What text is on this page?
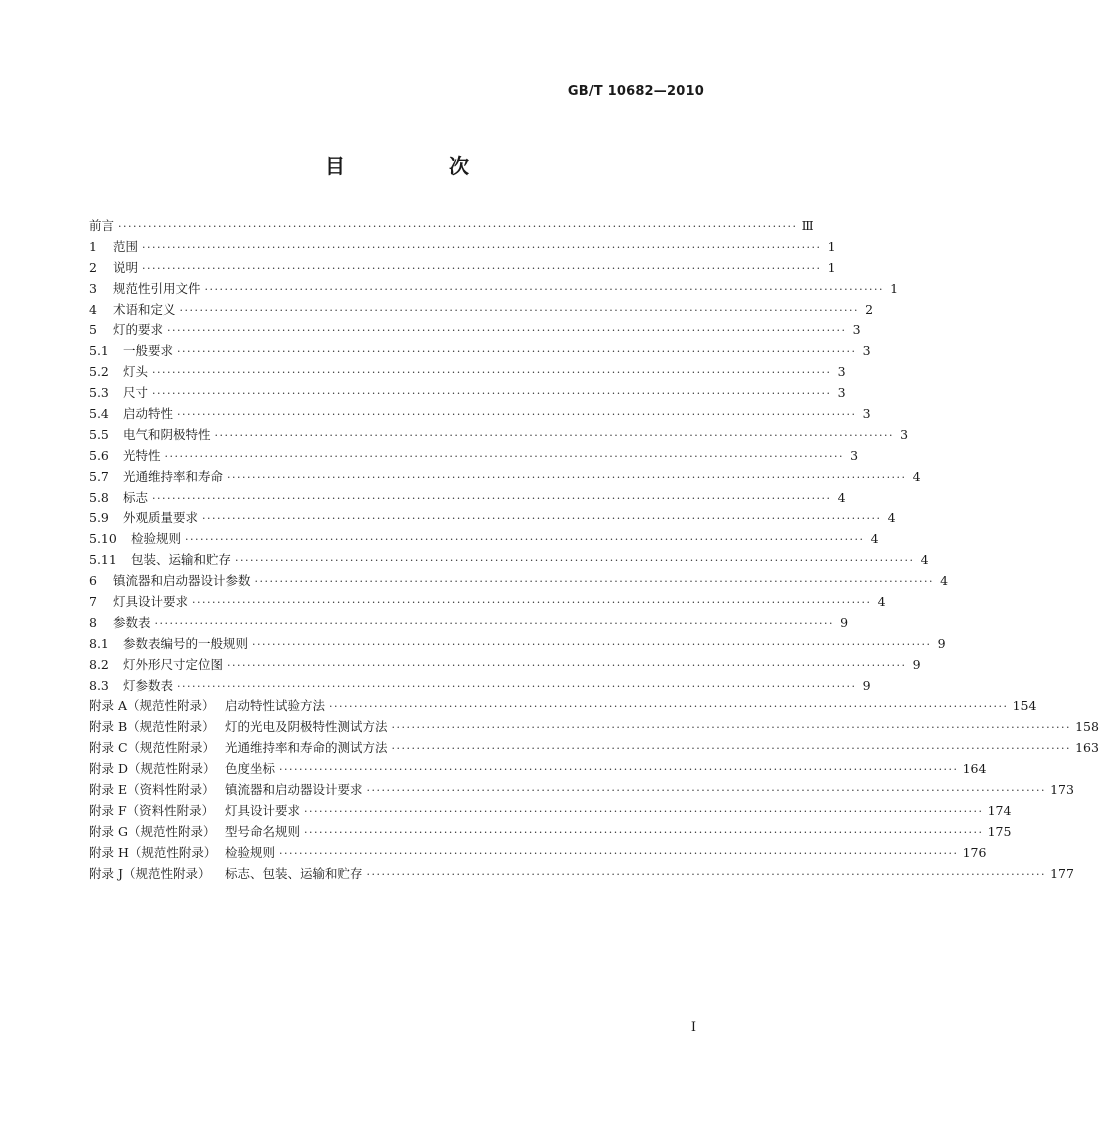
GB/T 10682—2010
目　次
前言 ········································································································································ Ⅲ
1	范围 ········································································································································ 1
2	说明 ········································································································································ 1
3	规范性引用文件 ········································································································································ 1
4	术语和定义 ········································································································································ 2
5	灯的要求 ········································································································································ 3
5.1	一般要求 ········································································································································ 3
5.2	灯头 ········································································································································ 3
5.3	尺寸 ········································································································································ 3
5.4	启动特性 ········································································································································ 3
5.5	电气和阴极特性 ········································································································································ 3
5.6	光特性 ········································································································································ 3
5.7	光通维持率和寿命 ········································································································································ 4
5.8	标志 ········································································································································ 4
5.9	外观质量要求 ········································································································································ 4
5.10	检验规则 ········································································································································ 4
5.11	包装、运输和贮存 ········································································································································ 4
6	镇流器和启动器设计参数 ········································································································································ 4
7	灯具设计要求 ········································································································································ 4
8	参数表 ········································································································································ 9
8.1	参数表编号的一般规则 ········································································································································ 9
8.2	灯外形尺寸定位图 ········································································································································ 9
8.3	灯参数表 ········································································································································ 9
附录 A（规范性附录） 启动特性试验方法 ········································································································································ 154
附录 B（规范性附录） 灯的光电及阴极特性测试方法 ········································································································································ 158
附录 C（规范性附录） 光通维持率和寿命的测试方法 ········································································································································ 163
附录 D（规范性附录） 色度坐标 ········································································································································ 164
附录 E（资料性附录） 镇流器和启动器设计要求 ········································································································································ 173
附录 F（资料性附录） 灯具设计要求 ········································································································································ 174
附录 G（规范性附录） 型号命名规则 ········································································································································ 175
附录 H（规范性附录） 检验规则 ········································································································································ 176
附录 J（规范性附录）	标志、包装、运输和贮存 ········································································································································ 177
I
